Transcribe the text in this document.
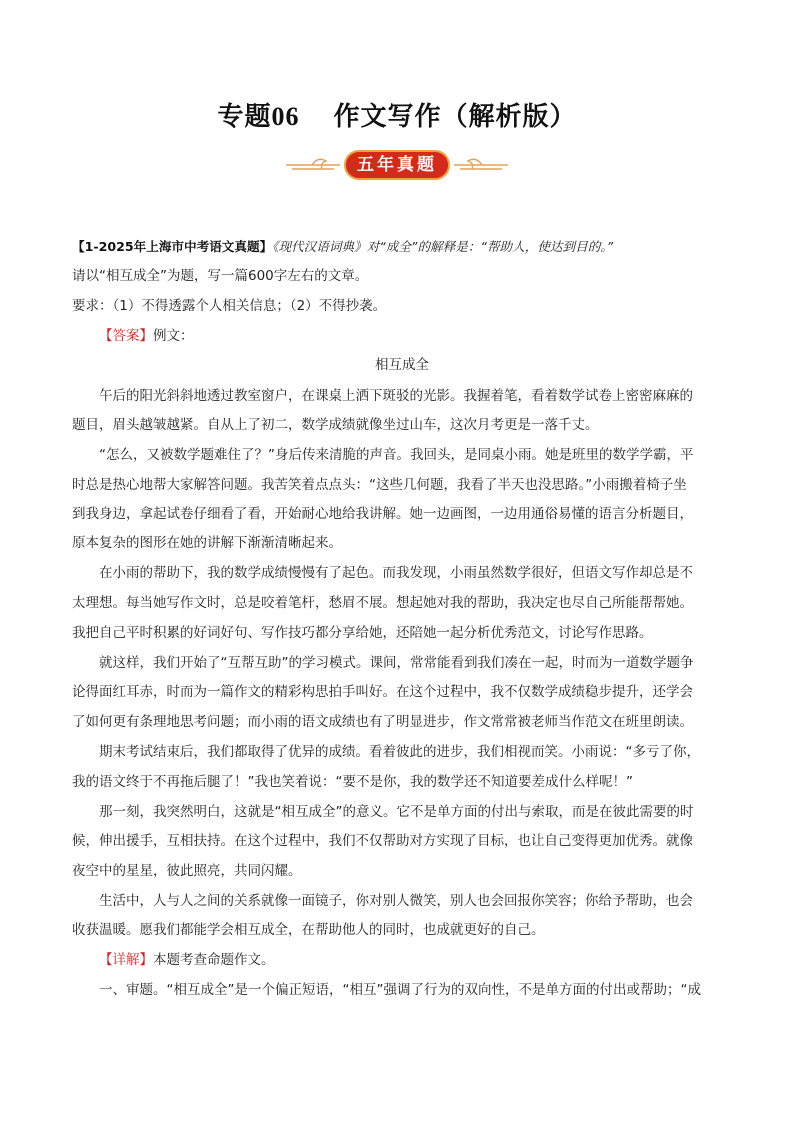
专题06 作文写作（解析版）
五年真题
【1-2025年上海市中考语文真题】《现代汉语词典》对“成全”的解释是：“帮助人，使达到目的。”
请以“相互成全”为题，写一篇600字左右的文章。
要求：（1）不得透露个人相关信息；（2）不得抄袭。
【答案】例文：
相互成全
午后的阳光斜斜地透过教室窗户，在课桌上洒下斑驳的光影。我握着笔，看着数学试卷上密密麻麻的
题目，眉头越皱越紧。自从上了初二，数学成绩就像坐过山车，这次月考更是一落千丈。
“怎么，又被数学题难住了？”身后传来清脆的声音。我回头，是同桌小雨。她是班里的数学学霸，平
时总是热心地帮大家解答问题。我苦笑着点点头：“这些几何题，我看了半天也没思路。”小雨搬着椅子坐
到我身边，拿起试卷仔细看了看，开始耐心地给我讲解。她一边画图，一边用通俗易懂的语言分析题目，
原本复杂的图形在她的讲解下渐渐清晰起来。
在小雨的帮助下，我的数学成绩慢慢有了起色。而我发现，小雨虽然数学很好，但语文写作却总是不
太理想。每当她写作文时，总是咬着笔杆，愁眉不展。想起她对我的帮助，我决定也尽自己所能帮帮她。
我把自己平时积累的好词好句、写作技巧都分享给她，还陪她一起分析优秀范文，讨论写作思路。
就这样，我们开始了“互帮互助”的学习模式。课间，常常能看到我们凑在一起，时而为一道数学题争
论得面红耳赤，时而为一篇作文的精彩构思拍手叫好。在这个过程中，我不仅数学成绩稳步提升，还学会
了如何更有条理地思考问题；而小雨的语文成绩也有了明显进步，作文常常被老师当作范文在班里朗读。
期末考试结束后，我们都取得了优异的成绩。看着彼此的进步，我们相视而笑。小雨说：“多亏了你，
我的语文终于不再拖后腿了！”我也笑着说：“要不是你，我的数学还不知道要差成什么样呢！”
那一刻，我突然明白，这就是“相互成全”的意义。它不是单方面的付出与索取，而是在彼此需要的时
候，伸出援手，互相扶持。在这个过程中，我们不仅帮助对方实现了目标，也让自己变得更加优秀。就像
夜空中的星星，彼此照亮，共同闪耀。
生活中，人与人之间的关系就像一面镜子，你对别人微笑，别人也会回报你笑容；你给予帮助，也会
收获温暖。愿我们都能学会相互成全，在帮助他人的同时，也成就更好的自己。
【详解】本题考查命题作文。
一、审题。“相互成全”是一个偏正短语，“相互”强调了行为的双向性，不是单方面的付出或帮助；“成
